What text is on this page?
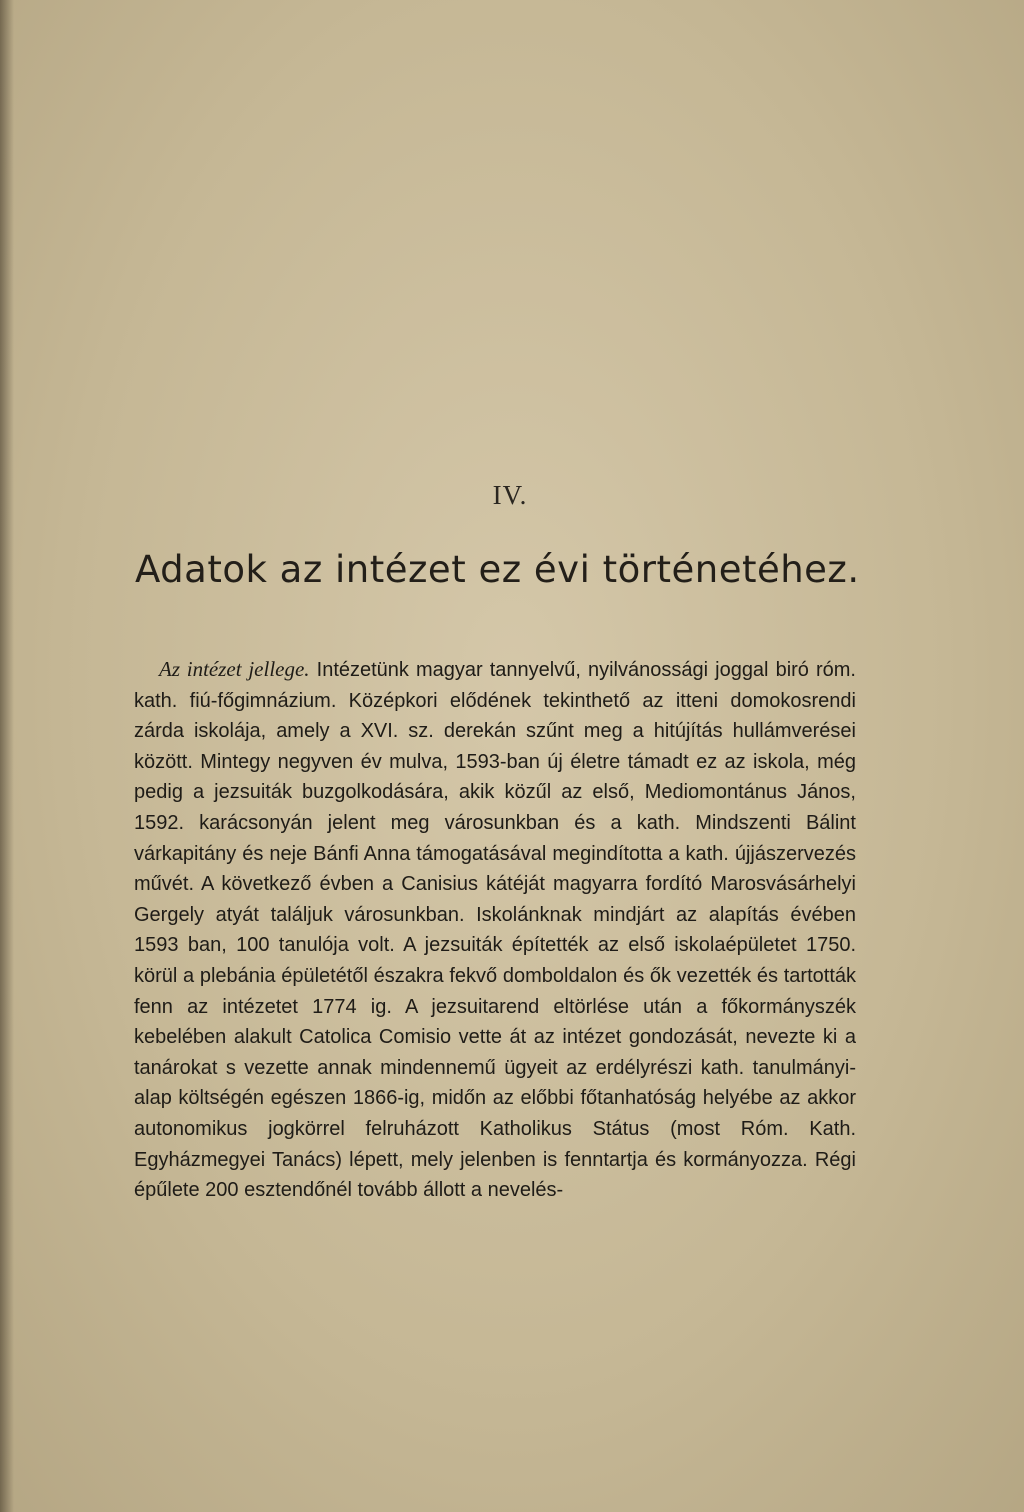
IV.
Adatok az intézet ez évi történetéhez.

Az intézet jellege. Intézetünk magyar tannyelvű, nyilvánossági joggal biró róm. kath. fiú-főgimnázium. Középkori elődének tekinthető az itteni domokosrendi zárda iskolája, amely a XVI. sz. derekán szűnt meg a hitújítás hullámverései között. Mintegy negyven év mulva, 1593-ban új életre támadt ez az iskola, még pedig a jezsuiták buzgolkodására, akik közűl az első, Mediomontánus János, 1592. karácsonyán jelent meg városunkban és a kath. Mindszenti Bálint várkapitány és neje Bánfi Anna támogatásával megindította a kath. újjászervezés művét. A következő évben a Canisius kátéját magyarra fordító Marosvásárhelyi Gergely atyát találjuk városunkban. Iskolánknak mindjárt az alapítás évében 1593 ban, 100 tanulója volt. A jezsuiták építették az első iskolaépületet 1750. körül a plebánia épületétől északra fekvő domboldalon és ők vezették és tartották fenn az intézetet 1774 ig. A jezsuitarend eltörlése után a főkormányszék kebelében alakult Catolica Comisio vette át az intézet gondozását, nevezte ki a tanárokat s vezette annak mindennemű ügyeit az erdélyrészi kath. tanulmányi-alap költségén egészen 1866-ig, midőn az előbbi főtanhatóság helyébe az akkor autonomikus jogkörrel felruházott Katholikus Státus (most Róm. Kath. Egyházmegyei Tanács) lépett, mely jelenben is fenntartja és kormányozza. Régi épűlete 200 esztendőnél tovább állott a nevelés-
